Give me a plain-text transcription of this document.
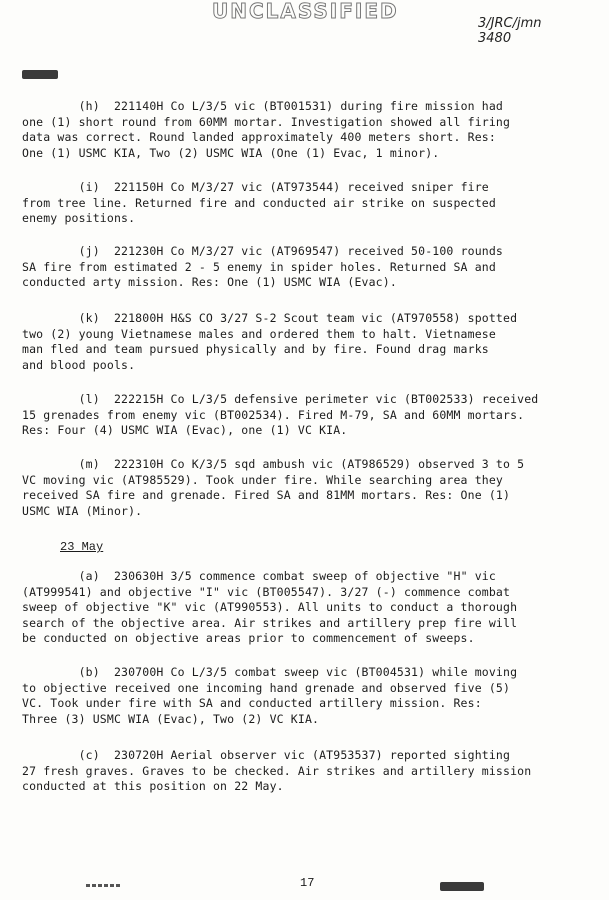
UNCLASSIFIED
3/JRC/jmn
3480
(h)  221140H Co L/3/5 vic (BT001531) during fire mission had
one (1) short round from 60MM mortar. Investigation showed all firing
data was correct. Round landed approximately 400 meters short. Res:
One (1) USMC KIA, Two (2) USMC WIA (One (1) Evac, 1 minor).
(i)  221150H Co M/3/27 vic (AT973544) received sniper fire
from tree line. Returned fire and conducted air strike on suspected
enemy positions.
(j)  221230H Co M/3/27 vic (AT969547) received 50-100 rounds
SA fire from estimated 2 - 5 enemy in spider holes. Returned SA and
conducted arty mission. Res: One (1) USMC WIA (Evac).
(k)  221800H H&S CO 3/27 S-2 Scout team vic (AT970558) spotted
two (2) young Vietnamese males and ordered them to halt. Vietnamese
man fled and team pursued physically and by fire. Found drag marks
and blood pools.
(l)  222215H Co L/3/5 defensive perimeter vic (BT002533) received
15 grenades from enemy vic (BT002534). Fired M-79, SA and 60MM mortars.
Res: Four (4) USMC WIA (Evac), one (1) VC KIA.
(m)  222310H Co K/3/5 sqd ambush vic (AT986529) observed 3 to 5
VC moving vic (AT985529). Took under fire. While searching area they
received SA fire and grenade. Fired SA and 81MM mortars. Res: One (1)
USMC WIA (Minor).
23 May
(a)  230630H 3/5 commence combat sweep of objective "H" vic
(AT999541) and objective "I" vic (BT005547). 3/27 (-) commence combat
sweep of objective "K" vic (AT990553). All units to conduct a thorough
search of the objective area. Air strikes and artillery prep fire will
be conducted on objective areas prior to commencement of sweeps.
(b)  230700H Co L/3/5 combat sweep vic (BT004531) while moving
to objective received one incoming hand grenade and observed five (5)
VC. Took under fire with SA and conducted artillery mission. Res:
Three (3) USMC WIA (Evac), Two (2) VC KIA.
(c)  230720H Aerial observer vic (AT953537) reported sighting
27 fresh graves. Graves to be checked. Air strikes and artillery mission
conducted at this position on 22 May.
17
